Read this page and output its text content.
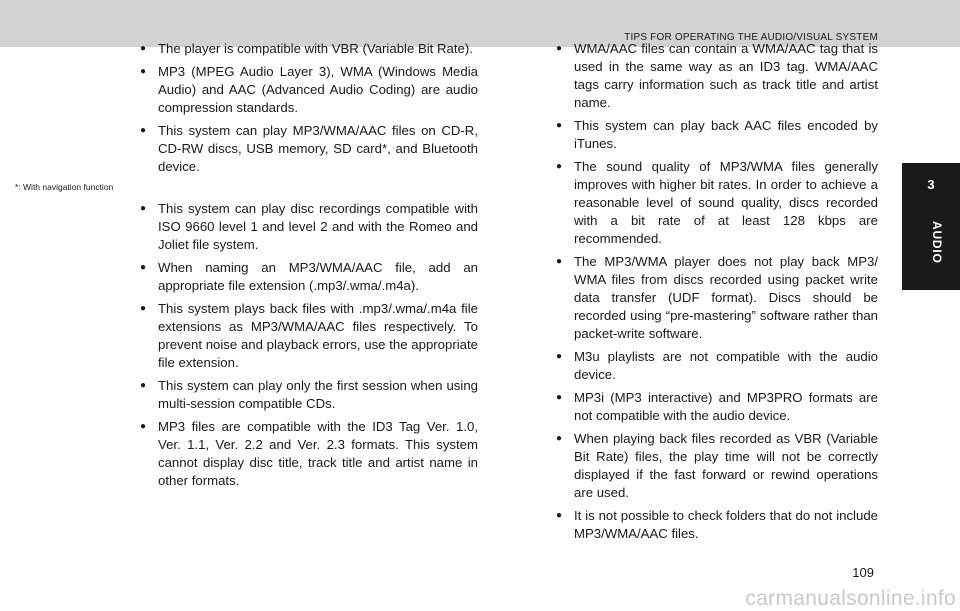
TIPS FOR OPERATING THE AUDIO/VISUAL SYSTEM
3
AUDIO
● The player is compatible with VBR (Variable Bit Rate).
● MP3 (MPEG Audio Layer 3), WMA (Windows Media Audio) and AAC (Advanced Audio Coding) are audio compression standards.
● This system can play MP3/WMA/AAC files on CD-R, CD-RW discs, USB memory, SD card*, and Bluetooth device.
*: With navigation function
● This system can play disc recordings compatible with ISO 9660 level 1 and level 2 and with the Romeo and Joliet file system.
● When naming an MP3/WMA/AAC file, add an appropriate file extension (.mp3/.wma/.m4a).
● This system plays back files with .mp3/.wma/.m4a file extensions as MP3/WMA/AAC files respectively. To prevent noise and playback errors, use the appropriate file extension.
● This system can play only the first session when using multi-session compatible CDs.
● MP3 files are compatible with the ID3 Tag Ver. 1.0, Ver. 1.1, Ver. 2.2 and Ver. 2.3 formats. This system cannot display disc title, track title and artist name in other formats.
● WMA/AAC files can contain a WMA/AAC tag that is used in the same way as an ID3 tag. WMA/AAC tags carry information such as track title and artist name.
● This system can play back AAC files encoded by iTunes.
● The sound quality of MP3/WMA files generally improves with higher bit rates. In order to achieve a reasonable level of sound quality, discs recorded with a bit rate of at least 128 kbps are recommended.
● The MP3/WMA player does not play back MP3/ WMA files from discs recorded using packet write data transfer (UDF format). Discs should be recorded using “pre-mastering” software rather than packet-write software.
● M3u playlists are not compatible with the audio device.
● MP3i (MP3 interactive) and MP3PRO formats are not compatible with the audio device.
● When playing back files recorded as VBR (Variable Bit Rate) files, the play time will not be correctly displayed if the fast forward or rewind operations are used.
● It is not possible to check folders that do not include MP3/WMA/AAC files.
109
carmanualsonline.info
